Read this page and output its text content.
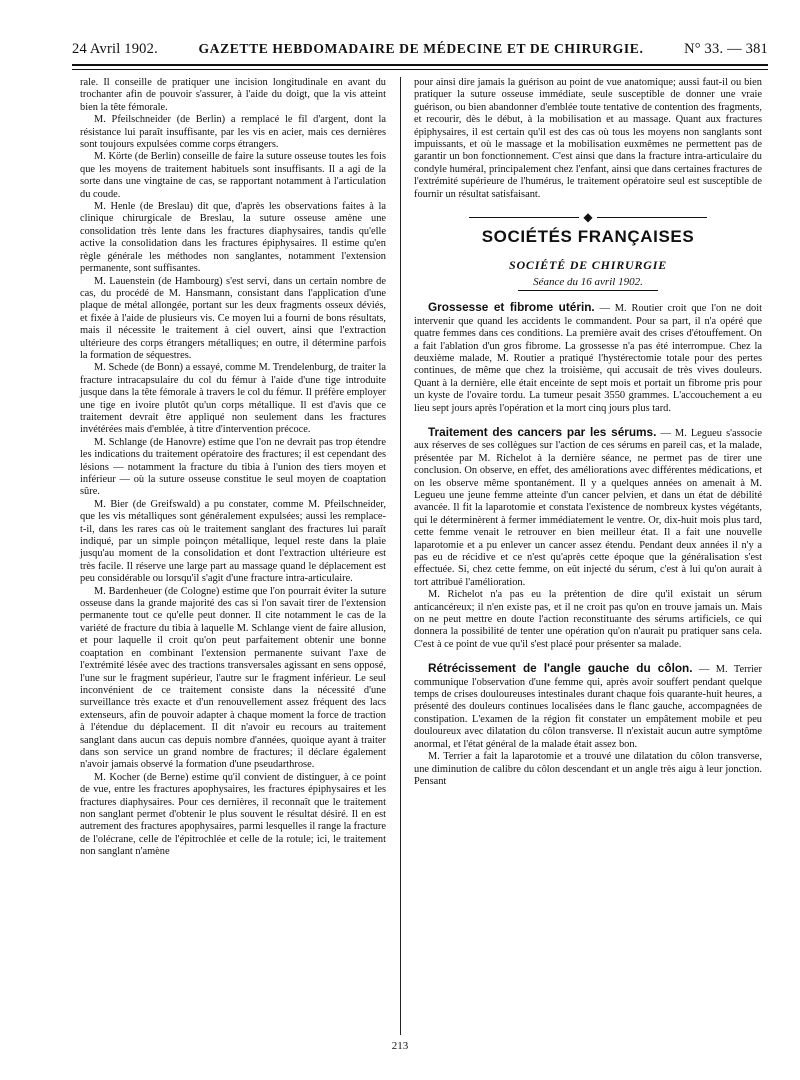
24 Avril 1902.	GAZETTE HEBDOMADAIRE DE MÉDECINE ET DE CHIRURGIE.	N° 33. — 381

rale. Il conseille de pratiquer une incision longitudinale en avant du trochanter afin de pouvoir s'assurer, à l'aide du doigt, que la vis atteint bien la tête fémorale.

M. Pfeilschneider (de Berlin) a remplacé le fil d'argent, dont la résistance lui paraît insuffisante, par les vis en acier, mais ces dernières sont toujours expulsées comme corps étrangers.

M. Körte (de Berlin) conseille de faire la suture osseuse toutes les fois que les moyens de traitement habituels sont insuffisants. Il a agi de la sorte dans une vingtaine de cas, se rapportant notamment à l'articulation du coude.

M. Henle (de Breslau) dit que, d'après les observations faites à la clinique chirurgicale de Breslau, la suture osseuse amène une consolidation très lente dans les fractures diaphysaires, tandis qu'elle active la consolidation dans les fractures épiphysaires. Il estime qu'en règle générale les méthodes non sanglantes, notamment l'extension permanente, sont suffisantes.

M. Lauenstein (de Hambourg) s'est servi, dans un certain nombre de cas, du procédé de M. Hansmann, consistant dans l'application d'une plaque de métal allongée, portant sur les deux fragments osseux déviés, et fixée à l'aide de plusieurs vis. Ce moyen lui a fourni de bons résultats, mais il nécessite le traitement à ciel ouvert, ainsi que l'extraction ultérieure des corps étrangers métalliques; en outre, il détermine parfois la formation de séquestres.

M. Schede (de Bonn) a essayé, comme M. Trendelenburg, de traiter la fracture intracapsulaire du col du fémur à l'aide d'une tige introduite jusque dans la tête fémorale à travers le col du fémur. Il préfère employer une tige en ivoire plutôt qu'un corps métallique. Il est d'avis que ce traitement devrait être appliqué non seulement dans les fractures invétérées mais d'emblée, à titre d'intervention précoce.

M. Schlange (de Hanovre) estime que l'on ne devrait pas trop étendre les indications du traitement opératoire des fractures; il est cependant des lésions — notamment la fracture du tibia à l'union des tiers moyen et inférieur — où la suture osseuse constitue le seul moyen de coaptation sûre.

M. Bier (de Greifswald) a pu constater, comme M. Pfeilschneider, que les vis métalliques sont généralement expulsées; aussi les remplace-t-il, dans les rares cas où le traitement sanglant des fractures lui paraît indiqué, par un simple poinçon métallique, lequel reste dans la plaie jusqu'au moment de la consolidation et dont l'extraction ultérieure est très facile. Il réserve une large part au massage quand le déplacement est peu considérable ou lorsqu'il s'agit d'une fracture intra-articulaire.

M. Bardenheuer (de Cologne) estime que l'on pourrait éviter la suture osseuse dans la grande majorité des cas si l'on savait tirer de l'extension permanente tout ce qu'elle peut donner. Il cite notamment le cas de la variété de fracture du tibia à laquelle M. Schlange vient de faire allusion, et pour laquelle il croit qu'on peut parfaitement obtenir une bonne coaptation en combinant l'extension permanente suivant l'axe de l'extrémité lésée avec des tractions transversales agissant en sens opposé, l'une sur le fragment supérieur, l'autre sur le fragment inférieur. Le seul inconvénient de ce traitement consiste dans la nécessité d'une surveillance très exacte et d'un renouvellement assez fréquent des lacs extenseurs, afin de pouvoir adapter à chaque moment la force de traction à l'étendue du déplacement. Il dit n'avoir eu recours au traitement sanglant dans aucun cas depuis nombre d'années, quoique ayant à traiter dans son service un grand nombre de fractures; il déclare également n'avoir jamais observé la formation d'une pseudarthrose.

M. Kocher (de Berne) estime qu'il convient de distinguer, à ce point de vue, entre les fractures apophysaires, les fractures épiphysaires et les fractures diaphysaires. Pour ces dernières, il reconnaît que le traitement non sanglant permet d'obtenir le plus souvent le résultat désiré. Il en est autrement des fractures apophysaires, parmi lesquelles il range la fracture de l'olécrane, celle de l'épitrochlée et celle de la rotule; ici, le traitement non sanglant n'amène

pour ainsi dire jamais la guérison au point de vue anatomique; aussi faut-il ou bien pratiquer la suture osseuse immédiate, seule susceptible de donner une vraie guérison, ou bien abandonner d'emblée toute tentative de contention des fragments, et recourir, dès le début, à la mobilisation et au massage. Quant aux fractures épiphysaires, il est certain qu'il est des cas où tous les moyens non sanglants sont impuissants, et où le massage et la mobilisation euxmêmes ne permettent pas de garantir un bon fonctionnement. C'est ainsi que dans la fracture intra-articulaire du condyle huméral, principalement chez l'enfant, ainsi que dans certaines fractures de l'extrémité supérieure de l'humérus, le traitement opératoire seul est susceptible de fournir un résultat satisfaisant.

◆
SOCIÉTÉS FRANÇAISES
SOCIÉTÉ DE CHIRURGIE
Séance du 16 avril 1902.

Grossesse et fibrome utérin. — M. Routier croit que l'on ne doit intervenir que quand les accidents le commandent. Pour sa part, il n'a opéré que quatre femmes dans ces conditions. La première avait des crises d'étouffement. On a fait l'ablation d'un gros fibrome. La grossesse n'a pas été interrompue. Chez la deuxième malade, M. Routier a pratiqué l'hystérectomie totale pour des pertes continues, de même que chez la troisième, qui accusait de très vives douleurs. Quant à la dernière, elle était enceinte de sept mois et portait un fibrome pris pour un kyste de l'ovaire tordu. La tumeur pesait 3550 grammes. L'accouchement a eu lieu sept jours après l'opération et la mort cinq jours plus tard.

Traitement des cancers par les sérums. — M. Legueu s'associe aux réserves de ses collègues sur l'action de ces sérums en pareil cas, et la malade, présentée par M. Richelot à la dernière séance, ne permet pas de tirer une conclusion. On observe, en effet, des améliorations avec différentes médications, et on les observe même spontanément. Il y a quelques années on amenait à M. Legueu une jeune femme atteinte d'un cancer pelvien, et dans un état de débilité avancée. Il fit la laparotomie et constata l'existence de nombreux kystes végétants, qui le déterminèrent à fermer immédiatement le ventre. Or, dix-huit mois plus tard, cette femme venait le retrouver en bien meilleur état. Il a fait une nouvelle laparotomie et a pu enlever un cancer assez étendu. Pendant deux années il n'y a pas eu de récidive et ce n'est qu'après cette époque que la généralisation s'est effectuée. Si, chez cette femme, on eût injecté du sérum, c'est à lui qu'on aurait à tort attribué l'amélioration.

M. Richelot n'a pas eu la prétention de dire qu'il existait un sérum anticancéreux; il n'en existe pas, et il ne croit pas qu'on en trouve jamais un. Mais on ne peut mettre en doute l'action reconstituante des sérums artificiels, ce qui donnera la possibilité de tenter une opération qu'on n'aurait pu pratiquer sans cela. C'est à ce point de vue qu'il s'est placé pour présenter sa malade.

Rétrécissement de l'angle gauche du côlon. — M. Terrier communique l'observation d'une femme qui, après avoir souffert pendant quelque temps de crises douloureuses intestinales durant chaque fois quarante-huit heures, a présenté des douleurs continues localisées dans le flanc gauche, accompagnées de constipation. L'examen de la région fit constater un empâtement mobile et peu douloureux avec dilatation du côlon transverse. Il n'existait aucun autre symptôme anormal, et l'état général de la malade était assez bon.

M. Terrier a fait la laparotomie et a trouvé une dilatation du côlon transverse, une diminution de calibre du côlon descendant et un angle très aigu à leur jonction. Pensant

213
